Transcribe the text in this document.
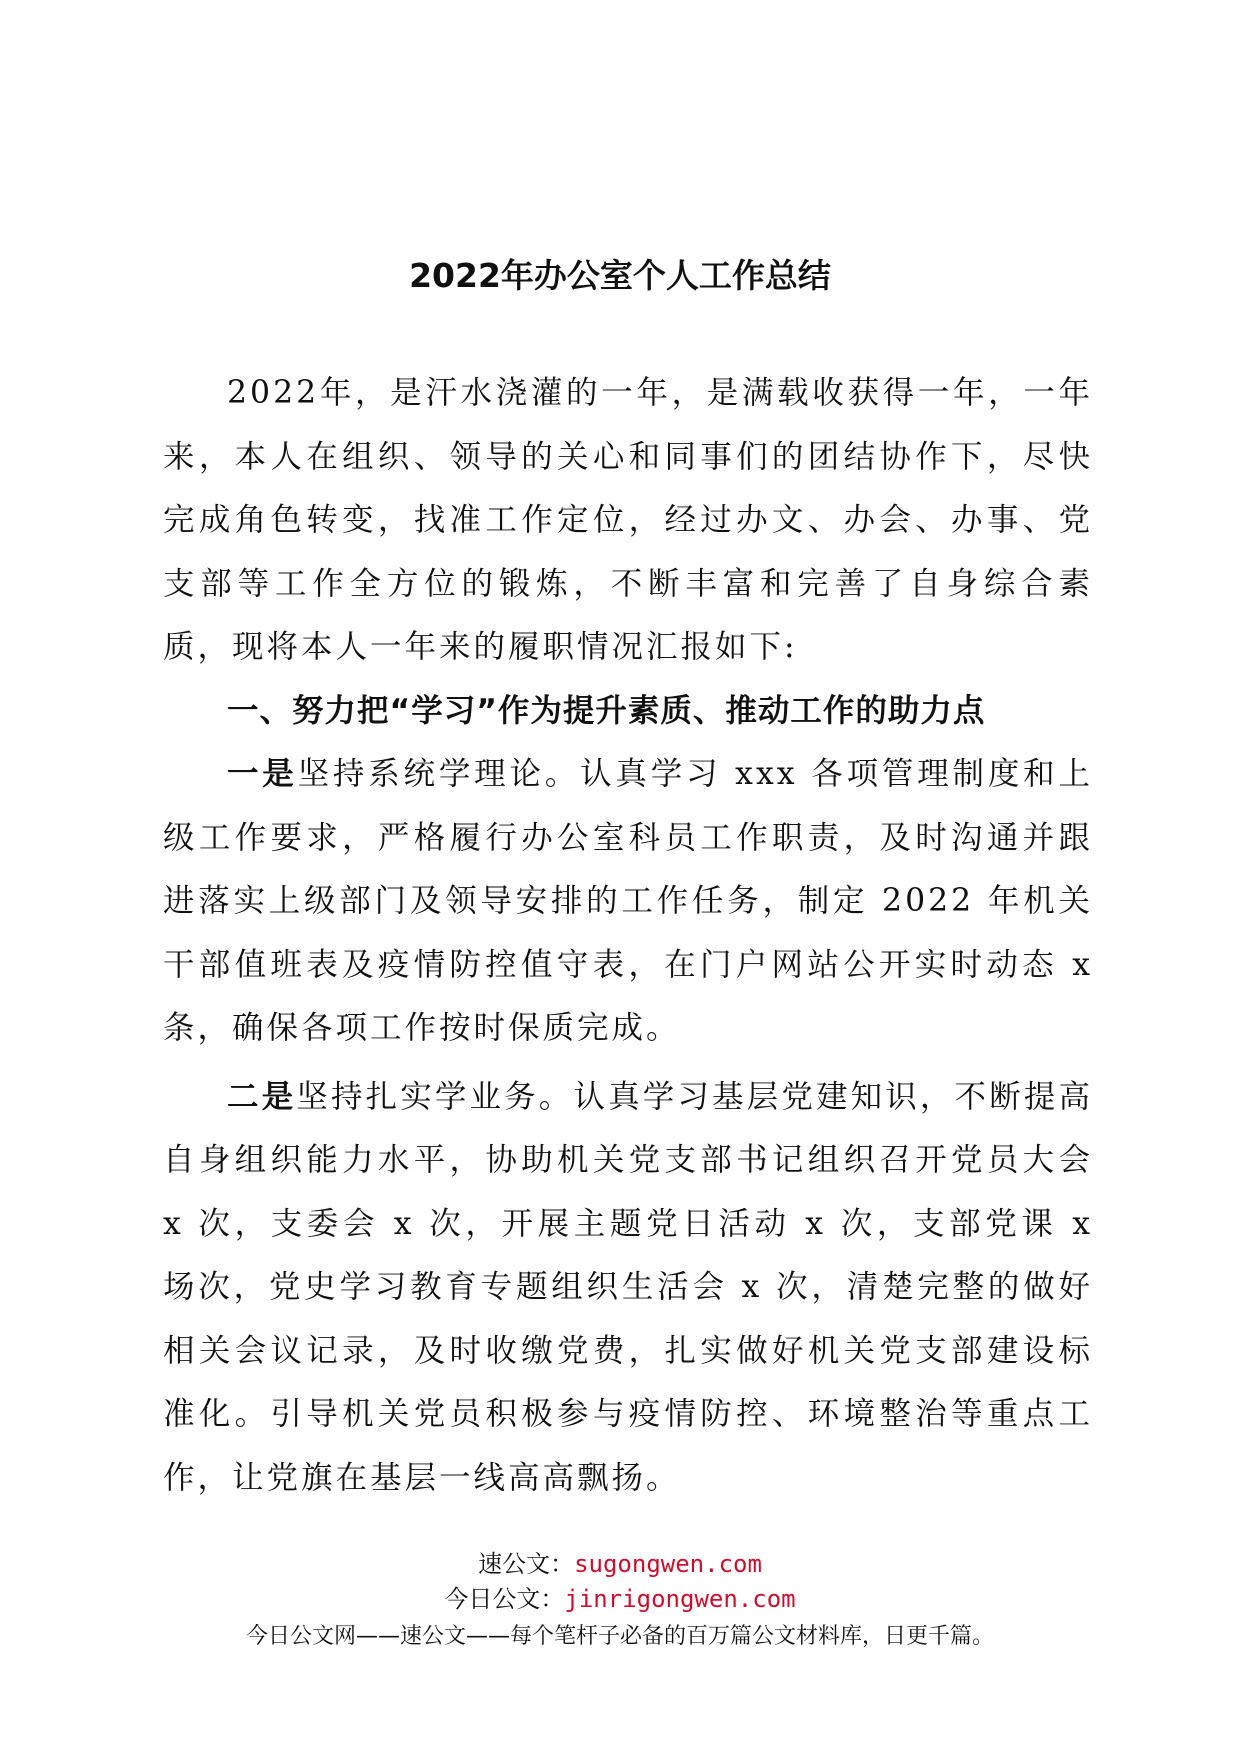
2022年办公室个人工作总结

2022年，是汗水浇灌的一年，是满载收获得一年，一年来，本人在组织、领导的关心和同事们的团结协作下，尽快完成角色转变，找准工作定位，经过办文、办会、办事、党支部等工作全方位的锻炼，不断丰富和完善了自身综合素质，现将本人一年来的履职情况汇报如下:

一、努力把“学习”作为提升素质、推动工作的助力点

一是坚持系统学理论。认真学习 xxx 各项管理制度和上级工作要求，严格履行办公室科员工作职责，及时沟通并跟进落实上级部门及领导安排的工作任务，制定 2022 年机关干部值班表及疫情防控值守表，在门户网站公开实时动态 x 条，确保各项工作按时保质完成。

二是坚持扎实学业务。认真学习基层党建知识，不断提高自身组织能力水平，协助机关党支部书记组织召开党员大会 x 次，支委会 x 次，开展主题党日活动 x 次，支部党课 x 场次，党史学习教育专题组织生活会 x 次，清楚完整的做好相关会议记录，及时收缴党费，扎实做好机关党支部建设标准化。引导机关党员积极参与疫情防控、环境整治等重点工作，让党旗在基层一线高高飘扬。

速公文：sugongwen.com
今日公文：jinrigongwen.com
今日公文网——速公文——每个笔杆子必备的百万篇公文材料库，日更千篇。
